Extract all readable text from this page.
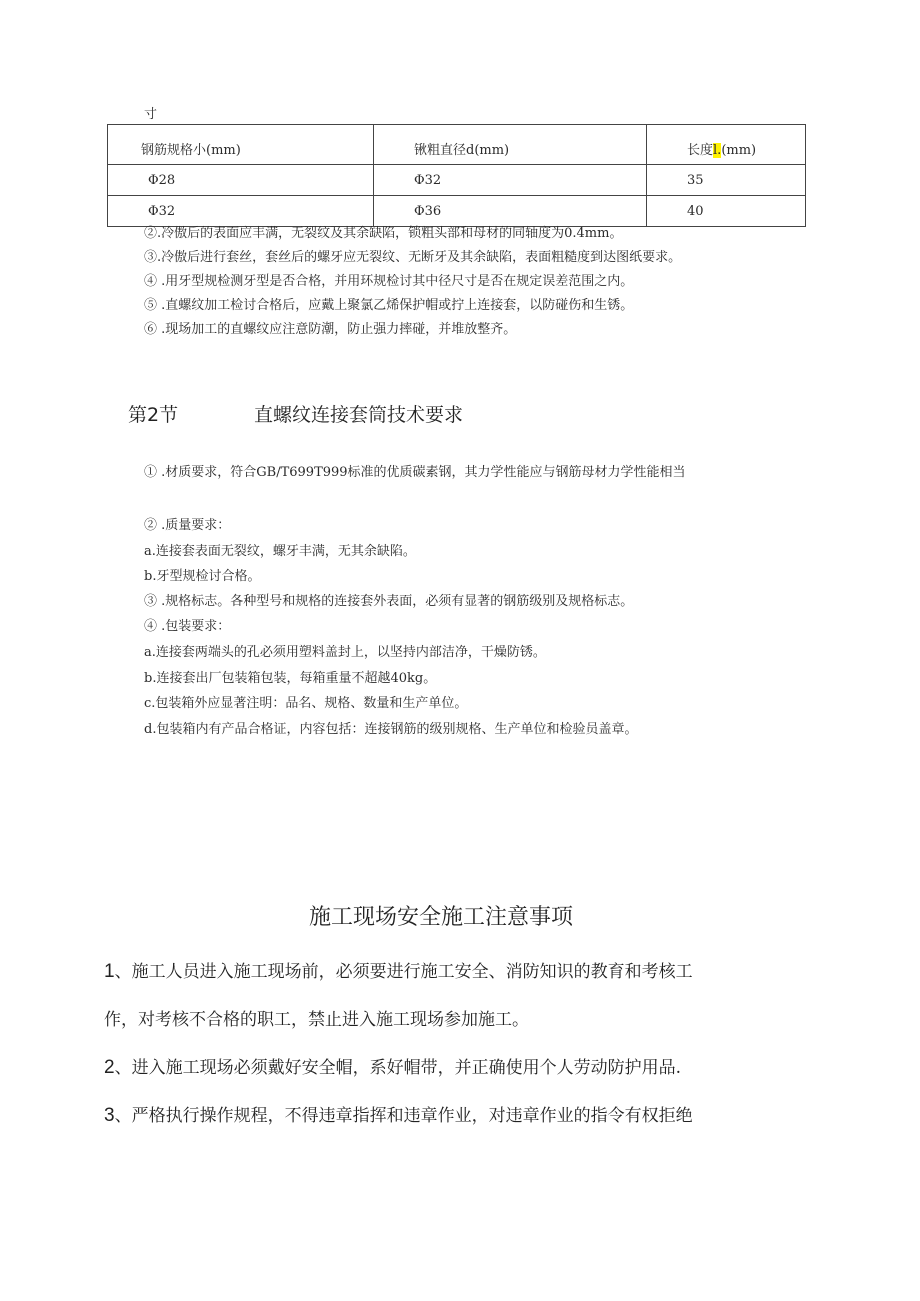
寸
钢筋规格小(mm)	锹粗直径d(mm)	长度l.(mm)
Φ28	Φ32	35
Φ32	Φ36	40
②.冷傲后的表面应丰满，无裂纹及其余缺陷，锁粗头部和母材的同轴度为0.4mm。
③.冷傲后进行套丝，套丝后的螺牙应无裂纹、无断牙及其余缺陷，表面粗糙度到达图纸要求。
④ .用牙型规检测牙型是否合格，并用环规检讨其中径尺寸是否在规定误差范围之内。
⑤ .直螺纹加工检讨合格后，应戴上聚氯乙烯保护帽或拧上连接套，以防碰伤和生锈。
⑥ .现场加工的直螺纹应注意防潮，防止强力摔碰，并堆放整齐。
第2节	直螺纹连接套筒技术要求
① .材质要求，符合GB/T699T999标准的优质碳素钢，其力学性能应与钢筋母材力学性能相当
② .质量要求：
a.连接套表面无裂纹，螺牙丰满，无其余缺陷。
b.牙型规检讨合格。
③ .规格标志。各种型号和规格的连接套外表面，必须有显著的钢筋级别及规格标志。
④ .包装要求：
a.连接套两端头的孔必须用塑料盖封上，以坚持内部洁净，干燥防锈。
b.连接套出厂包装箱包装，每箱重量不超越40kg。
c.包装箱外应显著注明：品名、规格、数量和生产单位。
d.包装箱内有产品合格证，内容包括：连接钢筋的级别规格、生产单位和检验员盖章。
施工现场安全施工注意事项
1、施工人员进入施工现场前，必须要进行施工安全、消防知识的教育和考核工
作，对考核不合格的职工，禁止进入施工现场参加施工。
2、进入施工现场必须戴好安全帽，系好帽带，并正确使用个人劳动防护用品.
3、严格执行操作规程，不得违章指挥和违章作业，对违章作业的指令有权拒绝
